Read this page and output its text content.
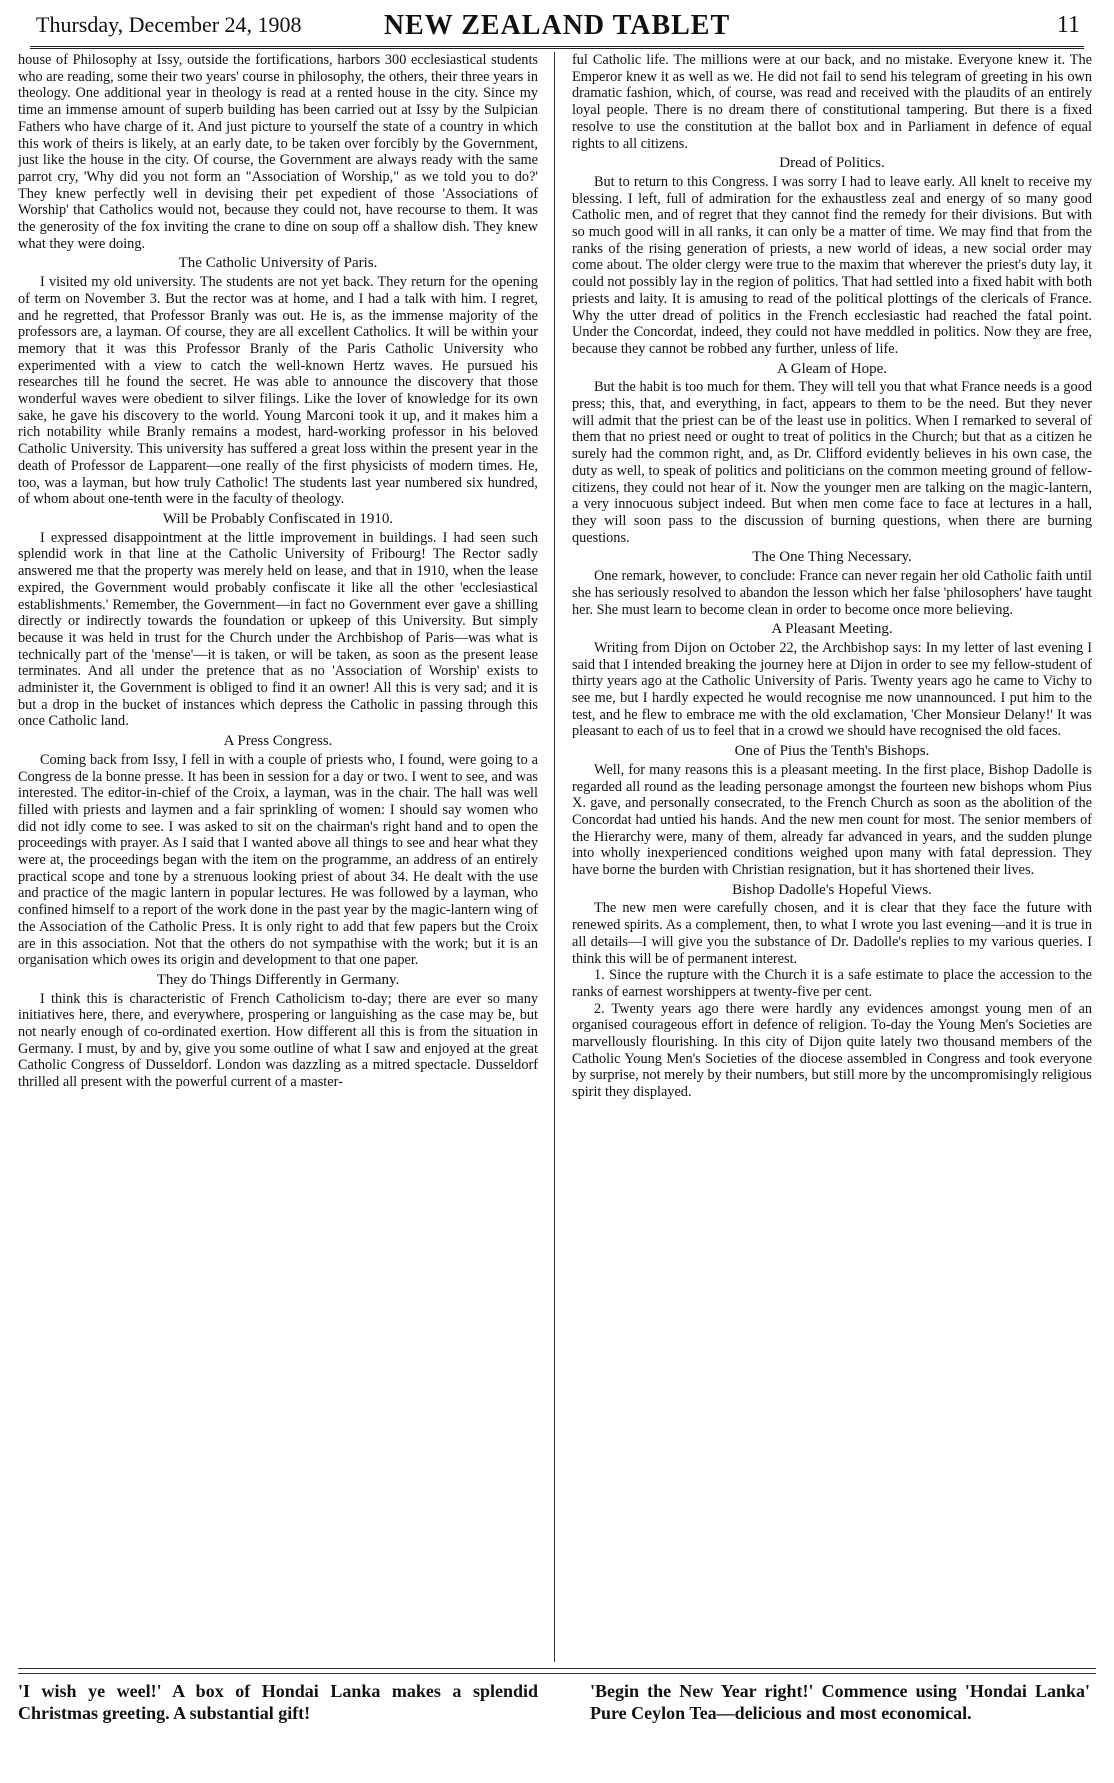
Thursday, December 24, 1908	NEW ZEALAND TABLET	11

house of Philosophy at Issy, outside the fortifications, harbors 300 ecclesiastical students who are reading, some their two years' course in philosophy, the others, their three years in theology. One additional year in theology is read at a rented house in the city. Since my time an immense amount of superb building has been carried out at Issy by the Sulpician Fathers who have charge of it. And just picture to yourself the state of a country in which this work of theirs is likely, at an early date, to be taken over forcibly by the Government, just like the house in the city. Of course, the Government are always ready with the same parrot cry, 'Why did you not form an "Association of Worship," as we told you to do?' They knew perfectly well in devising their pet expedient of those 'Associations of Worship' that Catholics would not, because they could not, have recourse to them. It was the generosity of the fox inviting the crane to dine on soup off a shallow dish. They knew what they were doing.

The Catholic University of Paris.

I visited my old university. The students are not yet back. They return for the opening of term on November 3. But the rector was at home, and I had a talk with him. I regret, and he regretted, that Professor Branly was out. He is, as the immense majority of the professors are, a layman. Of course, they are all excellent Catholics. It will be within your memory that it was this Professor Branly of the Paris Catholic University who experimented with a view to catch the well-known Hertz waves. He pursued his researches till he found the secret. He was able to announce the discovery that those wonderful waves were obedient to silver filings. Like the lover of knowledge for its own sake, he gave his discovery to the world. Young Marconi took it up, and it makes him a rich notability while Branly remains a modest, hard-working professor in his beloved Catholic University. This university has suffered a great loss within the present year in the death of Professor de Lapparent—one really of the first physicists of modern times. He, too, was a layman, but how truly Catholic! The students last year numbered six hundred, of whom about one-tenth were in the faculty of theology.

Will be Probably Confiscated in 1910.

I expressed disappointment at the little improvement in buildings. I had seen such splendid work in that line at the Catholic University of Fribourg! The Rector sadly answered me that the property was merely held on lease, and that in 1910, when the lease expired, the Government would probably confiscate it like all the other 'ecclesiastical establishments.' Remember, the Government—in fact no Government ever gave a shilling directly or indirectly towards the foundation or upkeep of this University. But simply because it was held in trust for the Church under the Archbishop of Paris—was what is technically part of the 'mense'—it is taken, or will be taken, as soon as the present lease terminates. And all under the pretence that as no 'Association of Worship' exists to administer it, the Government is obliged to find it an owner! All this is very sad; and it is but a drop in the bucket of instances which depress the Catholic in passing through this once Catholic land.

A Press Congress.

Coming back from Issy, I fell in with a couple of priests who, I found, were going to a Congress de la bonne presse. It has been in session for a day or two. I went to see, and was interested. The editor-in-chief of the Croix, a layman, was in the chair. The hall was well filled with priests and laymen and a fair sprinkling of women: I should say women who did not idly come to see. I was asked to sit on the chairman's right hand and to open the proceedings with prayer. As I said that I wanted above all things to see and hear what they were at, the proceedings began with the item on the programme, an address of an entirely practical scope and tone by a strenuous looking priest of about 34. He dealt with the use and practice of the magic lantern in popular lectures. He was followed by a layman, who confined himself to a report of the work done in the past year by the magic-lantern wing of the Association of the Catholic Press. It is only right to add that few papers but the Croix are in this association. Not that the others do not sympathise with the work; but it is an organisation which owes its origin and development to that one paper.

They do Things Differently in Germany.

I think this is characteristic of French Catholicism to-day; there are ever so many initiatives here, there, and everywhere, prospering or languishing as the case may be, but not nearly enough of co-ordinated exertion. How different all this is from the situation in Germany. I must, by and by, give you some outline of what I saw and enjoyed at the great Catholic Congress of Dusseldorf. London was dazzling as a mitred spectacle. Dusseldorf thrilled all present with the powerful current of a master-

ful Catholic life. The millions were at our back, and no mistake. Everyone knew it. The Emperor knew it as well as we. He did not fail to send his telegram of greeting in his own dramatic fashion, which, of course, was read and received with the plaudits of an entirely loyal people. There is no dream there of constitutional tampering. But there is a fixed resolve to use the constitution at the ballot box and in Parliament in defence of equal rights to all citizens.

Dread of Politics.

But to return to this Congress. I was sorry I had to leave early. All knelt to receive my blessing. I left, full of admiration for the exhaustless zeal and energy of so many good Catholic men, and of regret that they cannot find the remedy for their divisions. But with so much good will in all ranks, it can only be a matter of time. We may find that from the ranks of the rising generation of priests, a new world of ideas, a new social order may come about. The older clergy were true to the maxim that wherever the priest's duty lay, it could not possibly lay in the region of politics. That had settled into a fixed habit with both priests and laity. It is amusing to read of the political plottings of the clericals of France. Why the utter dread of politics in the French ecclesiastic had reached the fatal point. Under the Concordat, indeed, they could not have meddled in politics. Now they are free, because they cannot be robbed any further, unless of life.

A Gleam of Hope.

But the habit is too much for them. They will tell you that what France needs is a good press; this, that, and everything, in fact, appears to them to be the need. But they never will admit that the priest can be of the least use in politics. When I remarked to several of them that no priest need or ought to treat of politics in the Church; but that as a citizen he surely had the common right, and, as Dr. Clifford evidently believes in his own case, the duty as well, to speak of politics and politicians on the common meeting ground of fellow-citizens, they could not hear of it. Now the younger men are talking on the magic-lantern, a very innocuous subject indeed. But when men come face to face at lectures in a hall, they will soon pass to the discussion of burning questions, when there are burning questions.

The One Thing Necessary.

One remark, however, to conclude: France can never regain her old Catholic faith until she has seriously resolved to abandon the lesson which her false 'philosophers' have taught her. She must learn to become clean in order to become once more believing.

A Pleasant Meeting.

Writing from Dijon on October 22, the Archbishop says: In my letter of last evening I said that I intended breaking the journey here at Dijon in order to see my fellow-student of thirty years ago at the Catholic University of Paris. Twenty years ago he came to Vichy to see me, but I hardly expected he would recognise me now unannounced. I put him to the test, and he flew to embrace me with the old exclamation, 'Cher Monsieur Delany!' It was pleasant to each of us to feel that in a crowd we should have recognised the old faces.

One of Pius the Tenth's Bishops.

Well, for many reasons this is a pleasant meeting. In the first place, Bishop Dadolle is regarded all round as the leading personage amongst the fourteen new bishops whom Pius X. gave, and personally consecrated, to the French Church as soon as the abolition of the Concordat had untied his hands. And the new men count for most. The senior members of the Hierarchy were, many of them, already far advanced in years, and the sudden plunge into wholly inexperienced conditions weighed upon many with fatal depression. They have borne the burden with Christian resignation, but it has shortened their lives.

Bishop Dadolle's Hopeful Views.

The new men were carefully chosen, and it is clear that they face the future with renewed spirits. As a complement, then, to what I wrote you last evening—and it is true in all details—I will give you the substance of Dr. Dadolle's replies to my various queries. I think this will be of permanent interest.

1. Since the rupture with the Church it is a safe estimate to place the accession to the ranks of earnest worshippers at twenty-five per cent.

2. Twenty years ago there were hardly any evidences amongst young men of an organised courageous effort in defence of religion. To-day the Young Men's Societies are marvellously flourishing. In this city of Dijon quite lately two thousand members of the Catholic Young Men's Societies of the diocese assembled in Congress and took everyone by surprise, not merely by their numbers, but still more by the uncompromisingly religious spirit they displayed.

'I wish ye weel!' A box of Hondai Lanka makes a splendid Christmas greeting. A substantial gift!
'Begin the New Year right!' Commence using 'Hondai Lanka' Pure Ceylon Tea—delicious and most economical.
